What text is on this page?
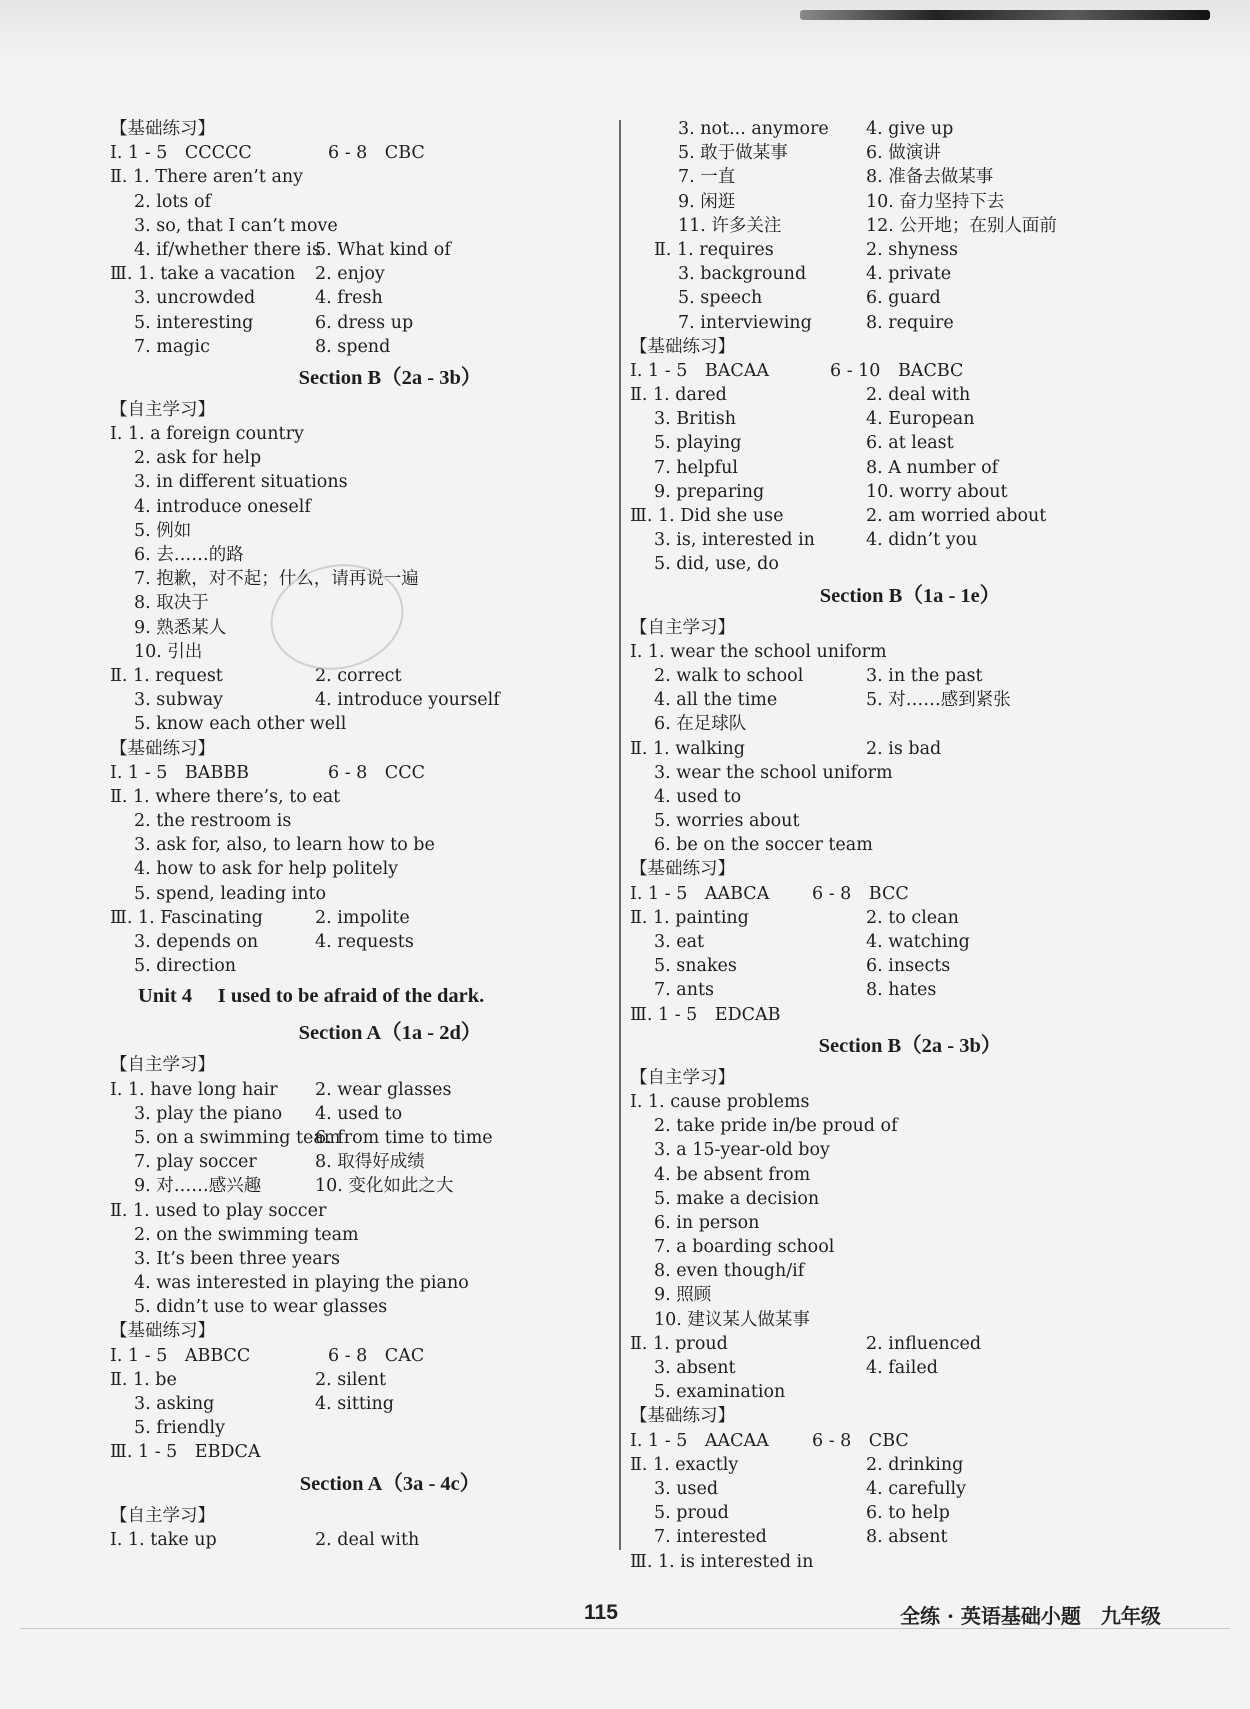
【基础练习】
Ⅰ. 1 - 5　CCCCC	6 - 8　CBC
Ⅱ. 1. There aren’t any
2. lots of
3. so, that I can’t move
4. if/whether there is
5. What kind of
Ⅲ. 1. take a vacation 2. enjoy
3. uncrowded	4. fresh
5. interesting	6. dress up
7. magic	8. spend
Section B（2a - 3b）
【自主学习】
Ⅰ. 1. a foreign country
2. ask for help
3. in different situations
4. introduce oneself
5. 例如
6. 去……的路
7. 抱歉，对不起；什么，请再说一遍
8. 取决于
9. 熟悉某人
10. 引出
Ⅱ. 1. request	2. correct
3. subway	4. introduce yourself
5. know each other well
【基础练习】
Ⅰ. 1 - 5　BABBB	6 - 8　CCC
Ⅱ. 1. where there’s, to eat
2. the restroom is
3. ask for, also, to learn how to be
4. how to ask for help politely
5. spend, leading into
Ⅲ. 1. Fascinating	2. impolite
3. depends on	4. requests
5. direction
Unit 4　 I used to be afraid of the dark.
Section A（1a - 2d）
【自主学习】
Ⅰ. 1. have long hair 2. wear glasses
3. play the piano 4. used to
5. on a swimming team
6. from time to time
7. play soccer	8. 取得好成绩
9. 对……感兴趣	10. 变化如此之大
Ⅱ. 1. used to play soccer
2. on the swimming team
3. It’s been three years
4. was interested in playing the piano
5. didn’t use to wear glasses
【基础练习】
Ⅰ. 1 - 5　ABBCC	6 - 8　CAC
Ⅱ. 1. be	2. silent
3. asking	4. sitting
5. friendly
Ⅲ. 1 - 5　EBDCA
Section A（3a - 4c）
【自主学习】
Ⅰ. 1. take up	2. deal with
3. not... anymore 4. give up
5. 敢于做某事	6. 做演讲
7. 一直	8. 准备去做某事
9. 闲逛	10. 奋力坚持下去
11. 许多关注	12. 公开地；在别人面前
Ⅱ. 1. requires	2. shyness
3. background	4. private
5. speech	6. guard
7. interviewing	8. require
【基础练习】
Ⅰ. 1 - 5　BACAA	6 - 10　BACBC
Ⅱ. 1. dared	2. deal with
3. British	4. European
5. playing	6. at least
7. helpful	8. A number of
9. preparing	10. worry about
Ⅲ. 1. Did she use	2. am worried about
3. is, interested in	4. didn’t you
5. did, use, do
Section B（1a - 1e）
【自主学习】
Ⅰ. 1. wear the school uniform
2. walk to school	3. in the past
4. all the time	5. 对……感到紧张
6. 在足球队
Ⅱ. 1. walking	2. is bad
3. wear the school uniform
4. used to
5. worries about
6. be on the soccer team
【基础练习】
Ⅰ. 1 - 5　AABCA 6 - 8　BCC
Ⅱ. 1. painting	2. to clean
3. eat	4. watching
5. snakes	6. insects
7. ants	8. hates
Ⅲ. 1 - 5　EDCAB
Section B（2a - 3b）
【自主学习】
Ⅰ. 1. cause problems
2. take pride in/be proud of
3. a 15-year-old boy
4. be absent from
5. make a decision
6. in person
7. a boarding school
8. even though/if
9. 照顾
10. 建议某人做某事
Ⅱ. 1. proud	2. influenced
3. absent	4. failed
5. examination
【基础练习】
Ⅰ. 1 - 5　AACAA 6 - 8　CBC
Ⅱ. 1. exactly	2. drinking
3. used	4. carefully
5. proud	6. to help
7. interested	8. absent
Ⅲ. 1. is interested in
115	全练 · 英语基础小题　九年级
